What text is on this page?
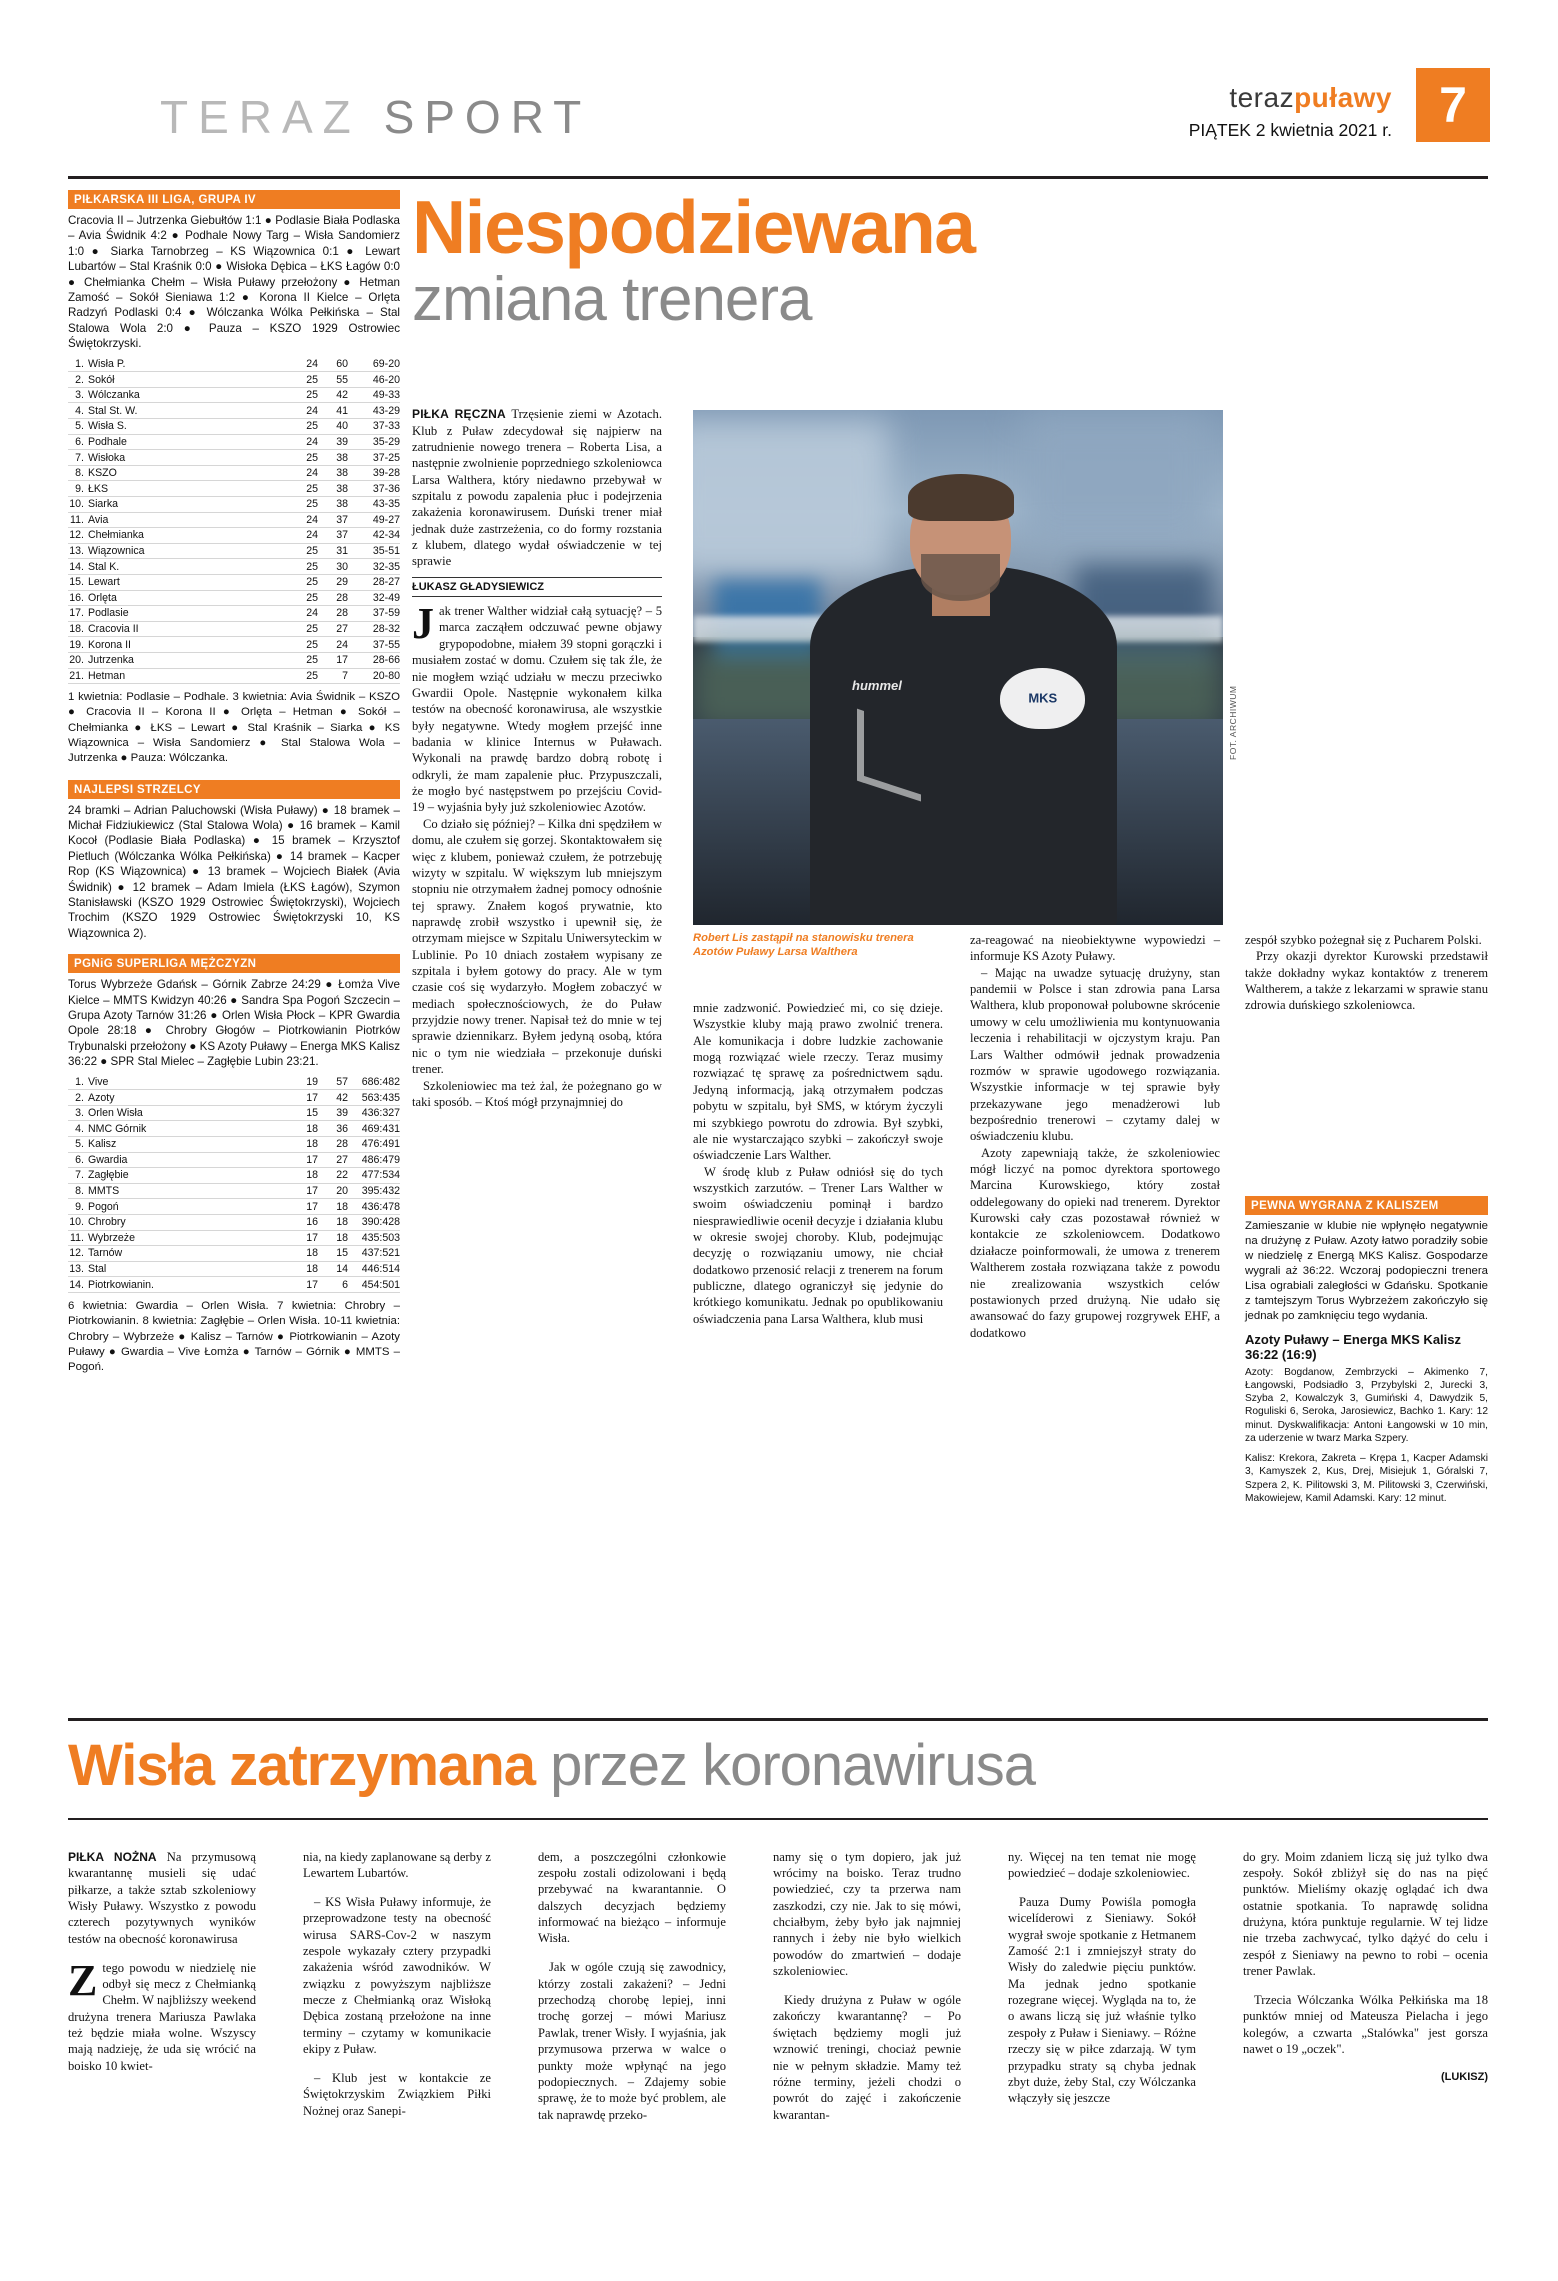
TERAZ SPORT	terazpuławy
PIĄTEK 2 kwietnia 2021 r. 7
PIŁKARSKA III LIGA, GRUPA IV
Cracovia II – Jutrzenka Giebułtów 1:1 ● Podlasie Biała Podlaska – Avia Świdnik 4:2 ● Podhale Nowy Targ – Wisła Sandomierz 1:0 ● Siarka Tarnobrzeg – KS Wiązownica 0:1 ● Lewart Lubartów – Stal Kraśnik 0:0 ● Wisłoka Dębica – ŁKS Łagów 0:0 ● Chełmianka Chełm – Wisła Puławy przełożony ● Hetman Zamość – Sokół Sieniawa 1:2 ● Korona II Kielce – Orlęta Radzyń Podlaski 0:4 ● Wólczanka Wólka Pełkińska – Stal Stalowa Wola 2:0 ● Pauza – KSZO 1929 Ostrowiec Świętokrzyski.
1.	Wisła P.	24	60	69-20
2.	Sokół	25	55	46-20
3.	Wólczanka	25	42	49-33
4.	Stal St. W.	24	41	43-29
5.	Wisła S.	25	40	37-33
6.	Podhale	24	39	35-29
7.	Wisłoka	25	38	37-25
8.	KSZO	24	38	39-28
9.	ŁKS	25	38	37-36
10.	Siarka	25	38	43-35
11.	Avia	24	37	49-27
12.	Chełmianka	24	37	42-34
13.	Wiązownica	25	31	35-51
14.	Stal K.	25	30	32-35
15.	Lewart	25	29	28-27
16.	Orlęta	25	28	32-49
17.	Podlasie	24	28	37-59
18.	Cracovia II	25	27	28-32
19.	Korona II	25	24	37-55
20.	Jutrzenka	25	17	28-66
21.	Hetman	25	7	20-80
1 kwietnia: Podlasie – Podhale. 3 kwietnia: Avia Świdnik – KSZO ● Cracovia II – Korona II ● Orlęta – Hetman ● Sokół – Chełmianka ● ŁKS – Lewart ● Stal Kraśnik – Siarka ● KS Wiązownica – Wisła Sandomierz ● Stal Stalowa Wola – Jutrzenka ● Pauza: Wólczanka.
NAJLEPSI STRZELCY
24 bramki – Adrian Paluchowski (Wisła Puławy) ● 18 bramek – Michał Fidziukiewicz (Stal Stalowa Wola) ● 16 bramek – Kamil Kocoł (Podlasie Biała Podlaska) ● 15 bramek – Krzysztof Pietluch (Wólczanka Wólka Pełkińska) ● 14 bramek – Kacper Rop (KS Wiązownica) ● 13 bramek – Wojciech Białek (Avia Świdnik) ● 12 bramek – Adam Imiela (ŁKS Łagów), Szymon Stanisławski (KSZO 1929 Ostrowiec Świętokrzyski), Wojciech Trochim (KSZO 1929 Ostrowiec Świętokrzyski 10, KS Wiązownica 2).
PGNiG SUPERLIGA MĘŻCZYZN
Torus Wybrzeże Gdańsk – Górnik Zabrze 24:29 ● Łomża Vive Kielce – MMTS Kwidzyn 40:26 ● Sandra Spa Pogoń Szczecin – Grupa Azoty Tarnów 31:26 ● Orlen Wisła Płock – KPR Gwardia Opole 28:18 ● Chrobry Głogów – Piotrkowianin Piotrków Trybunalski przełożony ● KS Azoty Puławy – Energa MKS Kalisz 36:22 ● SPR Stal Mielec – Zagłębie Lubin 23:21.
1.	Vive	19	57	686:482
2.	Azoty	17	42	563:435
3.	Orlen Wisła	15	39	436:327
4.	NMC Górnik	18	36	469:431
5.	Kalisz	18	28	476:491
6.	Gwardia	17	27	486:479
7.	Zagłębie	18	22	477:534
8.	MMTS	17	20	395:432
9.	Pogoń	17	18	436:478
10.	Chrobry	16	18	390:428
11.	Wybrzeże	17	18	435:503
12.	Tarnów	18	15	437:521
13.	Stal	18	14	446:514
14.	Piotrkowianin.	17	6	454:501
6 kwietnia: Gwardia – Orlen Wisła. 7 kwietnia: Chrobry – Piotrkowianin. 8 kwietnia: Zagłębie – Orlen Wisła. 10-11 kwietnia: Chrobry – Wybrzeże ● Kalisz – Tarnów ● Piotrkowianin – Azoty Puławy ● Gwardia – Vive Łomża ● Tarnów – Górnik ● MMTS – Pogoń.
Niespodziewana
zmiana trenera

PIŁKA RĘCZNA Trzęsienie ziemi w Azotach. Klub z Puław zdecydował się najpierw na zatrudnienie nowego trenera – Roberta Lisa, a następnie zwolnienie poprzedniego szkoleniowca Larsa Walthera, który niedawno przebywał w szpitalu z powodu zapalenia płuc i podejrzenia zakażenia koronawirusem. Duński trener miał jednak duże zastrzeżenia, co do formy rozstania z klubem, dlatego wydał oświadczenie w tej sprawie

ŁUKASZ GŁADYSIEWICZ

Jak trener Walther widział całą sytuację? – 5 marca zacząłem odczuwać pewne objawy grypopodobne, miałem 39 stopni gorączki i musiałem zostać w domu. Czułem się tak źle, że nie mogłem wziąć udziału w meczu przeciwko Gwardii Opole. Następnie wykonałem kilka testów na obecność koronawirusa, ale wszystkie były negatywne. Wtedy mogłem przejść inne badania w klinice Internus w Puławach. Wykonali na prawdę bardzo dobrą robotę i odkryli, że mam zapalenie płuc. Przypuszczali, że mogło być następstwem po przejściu Covid-19 – wyjaśnia były już szkoleniowiec Azotów.

Co działo się później? – Kilka dni spędziłem w domu, ale czułem się gorzej. Skontaktowałem się więc z klubem, ponieważ czułem, że potrzebuję wizyty w szpitalu. W większym lub mniejszym stopniu nie otrzymałem żadnej pomocy odnośnie tej sprawy. Znałem kogoś prywatnie, kto naprawdę zrobił wszystko i upewnił się, że otrzymam miejsce w Szpitalu Uniwersyteckim w Lublinie. Po 10 dniach zostałem wypisany ze szpitala i byłem gotowy do pracy. Ale w tym czasie coś się wydarzyło. Mogłem zobaczyć w mediach społecznościowych, że do Puław przyjdzie nowy trener. Napisał też do mnie w tej sprawie dziennikarz. Byłem jedyną osobą, która nic o tym nie wiedziała – przekonuje duński trener.

Szkoleniowiec ma też żal, że pożegnano go w taki sposób. – Ktoś mógł przynajmniej do

hummel
MKS
FOT. ARCHIWUM
Robert Lis zastąpił na stanowisku trenera Azotów Puławy Larsa Walthera

mnie zadzwonić. Powiedzieć mi, co się dzieje. Wszystkie kluby mają prawo zwolnić trenera. Ale komunikacja i dobre ludzkie zachowanie mogą rozwiązać wiele rzeczy. Teraz musimy rozwiązać tę sprawę za pośrednictwem sądu. Jedyną informacją, jaką otrzymałem podczas pobytu w szpitalu, był SMS, w którym życzyli mi szybkiego powrotu do zdrowia. Był szybki, ale nie wystarczająco szybki – zakończył swoje oświadczenie Lars Walther.

W środę klub z Puław odniósł się do tych wszystkich zarzutów. – Trener Lars Walther w swoim oświadczeniu pominął i bardzo niesprawiedliwie ocenił decyzje i działania klubu w okresie swojej choroby. Klub, podejmując decyzję o rozwiązaniu umowy, nie chciał dodatkowo przenosić relacji z trenerem na forum publiczne, dlatego ograniczył się jedynie do krótkiego komunikatu. Jednak po opublikowaniu oświadczenia pana Larsa Walthera, klub musi

za-reagować na nieobiektywne wypowiedzi – informuje KS Azoty Puławy.

– Mając na uwadze sytuację drużyny, stan pandemii w Polsce i stan zdrowia pana Larsa Walthera, klub proponował polubowne skrócenie umowy w celu umożliwienia mu kontynuowania leczenia i rehabilitacji w ojczystym kraju. Pan Lars Walther odmówił jednak prowadzenia rozmów w sprawie ugodowego rozwiązania. Wszystkie informacje w tej sprawie były przekazywane jego menadżerowi lub bezpośrednio trenerowi – czytamy dalej w oświadczeniu klubu.

Azoty zapewniają także, że szkoleniowiec mógł liczyć na pomoc dyrektora sportowego Marcina Kurowskiego, który został oddelegowany do opieki nad trenerem. Dyrektor Kurowski cały czas pozostawał również w kontakcie ze szkoleniowcem. Dodatkowo działacze poinformowali, że umowa z trenerem Waltherem została rozwiązana także z powodu nie zrealizowania wszystkich celów postawionych przed drużyną. Nie udało się awansować do fazy grupowej rozgrywek EHF, a dodatkowo

zespół szybko pożegnał się z Pucharem Polski.

Przy okazji dyrektor Kurowski przedstawił także dokładny wykaz kontaktów z trenerem Waltherem, a także z lekarzami w sprawie stanu zdrowia duńskiego szkoleniowca.

PEWNA WYGRANA Z KALISZEM
Zamieszanie w klubie nie wpłynęło negatywnie na drużynę z Puław. Azoty łatwo poradziły sobie w niedzielę z Energą MKS Kalisz. Gospodarze wygrali aż 36:22. Wczoraj podopieczni trenera Lisa ograbiali zaległości w Gdańsku. Spotkanie z tamtejszym Torus Wybrzeżem zakończyło się jednak po zamknięciu tego wydania.
Azoty Puławy – Energa MKS Kalisz 36:22 (16:9)
Azoty: Bogdanow, Zembrzycki – Akimenko 7, Łangowski, Podsiadło 3, Przybylski 2, Jurecki 3, Szyba 2, Kowalczyk 3, Gumiński 4, Dawydzik 5, Roguliski 6, Seroka, Jarosiewicz, Bachko 1. Kary: 12 minut. Dyskwalifikacja: Antoni Łangowski w 10 min, za uderzenie w twarz Marka Szpery.
Kalisz: Krekora, Zakreta – Krępa 1, Kacper Adamski 3, Kamyszek 2, Kus, Drej, Misiejuk 1, Góralski 7, Szpera 2, K. Pilitowski 3, M. Pilitowski 3, Czerwiński, Makowiejew, Kamil Adamski. Kary: 12 minut.
Wisła zatrzymana przez koronawirusa

PIŁKA NOŻNA Na przymusową kwarantannę musieli się udać piłkarze, a także sztab szkoleniowy Wisły Puławy. Wszystko z powodu czterech pozytywnych wyników testów na obecność koronawirusa

Ztego powodu w niedzielę nie odbył się mecz z Chełmianką Chełm. W najbliższy weekend drużyna trenera Mariusza Pawlaka też będzie miała wolne. Wszyscy mają nadzieję, że uda się wrócić na boisko 10 kwiet-

nia, na kiedy zaplanowane są derby z Lewartem Lubartów.

– KS Wisła Puławy informuje, że przeprowadzone testy na obecność wirusa SARS-Cov-2 w naszym zespole wykazały cztery przypadki zakażenia wśród zawodników. W związku z powyższym najbliższe mecze z Chełmianką oraz Wisłoką Dębica zostaną przełożone na inne terminy – czytamy w komunikacie ekipy z Puław.

– Klub jest w kontakcie ze Świętokrzyskim Związkiem Piłki Nożnej oraz Sanepi-

dem, a poszczególni członkowie zespołu zostali odizolowani i będą przebywać na kwarantannie. O dalszych decyzjach będziemy informować na bieżąco – informuje Wisła.

Jak w ogóle czują się zawodnicy, którzy zostali zakażeni? – Jedni przechodzą chorobę lepiej, inni trochę gorzej – mówi Mariusz Pawlak, trener Wisły. I wyjaśnia, jak przymusowa przerwa w walce o punkty może wpłynąć na jego podopiecznych. – Zdajemy sobie sprawę, że to może być problem, ale tak naprawdę przeko-

namy się o tym dopiero, jak już wrócimy na boisko. Teraz trudno powiedzieć, czy ta przerwa nam zaszkodzi, czy nie. Jak to się mówi, chciałbym, żeby było jak najmniej rannych i żeby nie było wielkich powodów do zmartwień – dodaje szkoleniowiec.

Kiedy drużyna z Puław w ogóle zakończy kwarantannę? – Po świętach będziemy mogli już wznowić treningi, chociaż pewnie nie w pełnym składzie. Mamy też różne terminy, jeżeli chodzi o powrót do zajęć i zakończenie kwarantan-

ny. Więcej na ten temat nie mogę powiedzieć – dodaje szkoleniowiec.

Pauza Dumy Powiśla pomogła wicelíderowi z Sieniawy. Sokół wygrał swoje spotkanie z Hetmanem Zamość 2:1 i zmniejszył straty do Wisły do zaledwie pięciu punktów. Ma jednak jedno spotkanie rozegrane więcej. Wygląda na to, że o awans liczą się już właśnie tylko zespoły z Puław i Sieniawy. – Różne rzeczy się w piłce zdarzają. W tym przypadku straty są chyba jednak zbyt duże, żeby Stal, czy Wólczanka włączyły się jeszcze

do gry. Moim zdaniem liczą się już tylko dwa zespoły. Sokół zbliżył się do nas na pięć punktów. Mieliśmy okazję oglądać ich dwa ostatnie spotkania. To naprawdę solidna drużyna, która punktuje regularnie. W tej lidze nie trzeba zachwycać, tylko dążyć do celu i zespół z Sieniawy na pewno to robi – ocenia trener Pawlak.

Trzecia Wólczanka Wólka Pełkińska ma 18 punktów mniej od Mateusza Pielacha i jego kolegów, a czwarta „Stalówka" jest gorsza nawet o 19 „oczek".

(LUKISZ)
